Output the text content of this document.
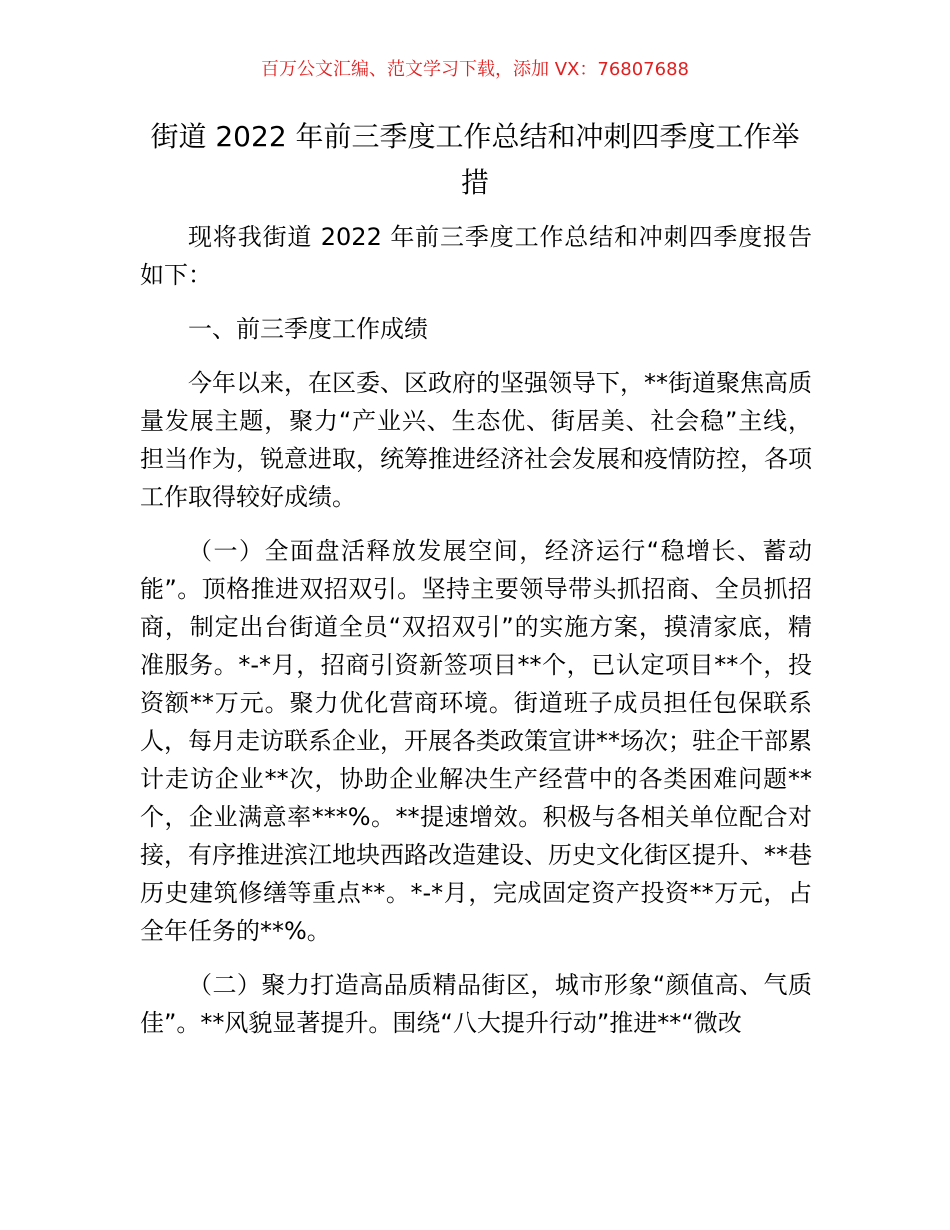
百万公文汇编、范文学习下载，添加 VX：76807688
街道 2022 年前三季度工作总结和冲刺四季度工作举措

现将我街道 2022 年前三季度工作总结和冲刺四季度报告如下：

一、前三季度工作成绩

今年以来，在区委、区政府的坚强领导下，**街道聚焦高质量发展主题，聚力“产业兴、生态优、街居美、社会稳”主线，担当作为，锐意进取，统筹推进经济社会发展和疫情防控，各项工作取得较好成绩。

（一）全面盘活释放发展空间，经济运行“稳增长、蓄动能”。顶格推进双招双引。坚持主要领导带头抓招商、全员抓招商，制定出台街道全员“双招双引”的实施方案，摸清家底，精准服务。*-*月，招商引资新签项目**个，已认定项目**个，投资额**万元。聚力优化营商环境。街道班子成员担任包保联系人，每月走访联系企业，开展各类政策宣讲**场次；驻企干部累计走访企业**次，协助企业解决生产经营中的各类困难问题**个，企业满意率***%。**提速增效。积极与各相关单位配合对接，有序推进滨江地块西路改造建设、历史文化街区提升、**巷历史建筑修缮等重点**。*-*月，完成固定资产投资**万元，占全年任务的**%。

（二）聚力打造高品质精品街区，城市形象“颜值高、气质佳”。**风貌显著提升。围绕“八大提升行动”推进**“微改
